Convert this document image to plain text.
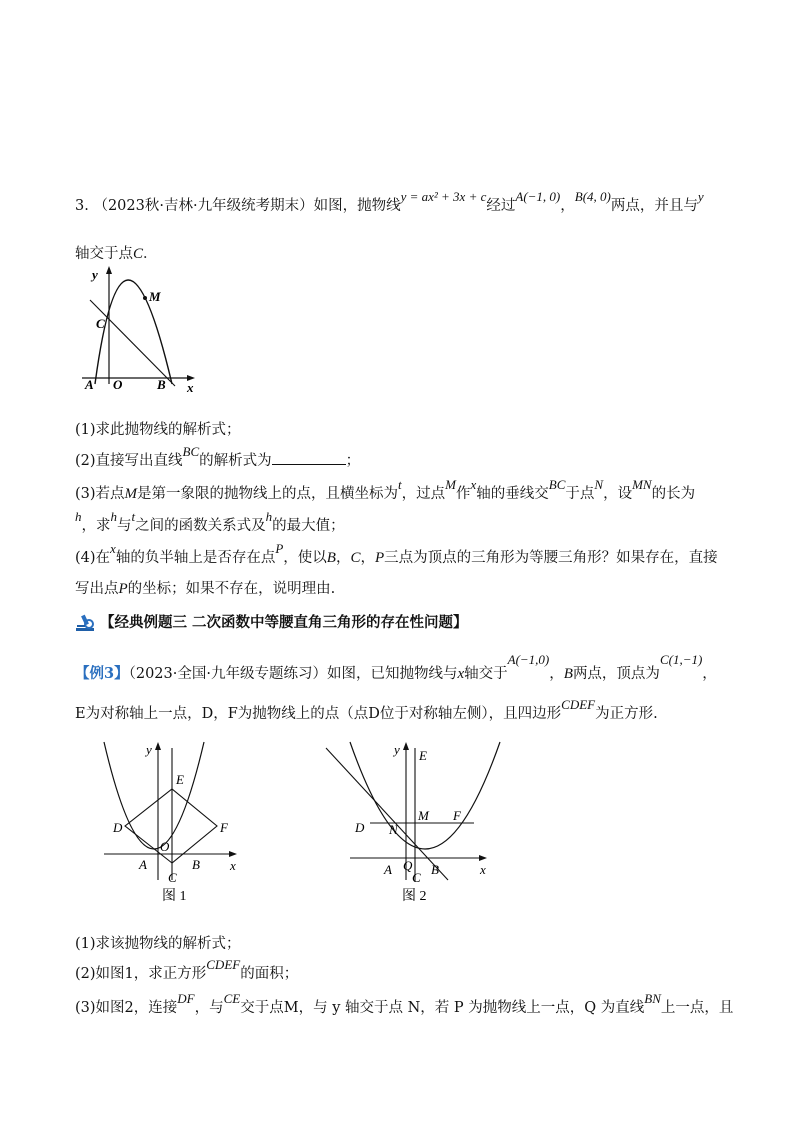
3. （2023秋·吉林·九年级统考期末）如图，抛物线y = ax² + 3x + c经过A(−1, 0)，B(4, 0)两点，并且与y
轴交于点C．
y
M
C
A O	B x
(1)求此抛物线的解析式；
(2)直接写出直线BC的解析式为	；
(3)若点M是第一象限的抛物线上的点，且横坐标为t，过点M作x轴的垂线交BC于点N，设MN的长为
h，求h与t之间的函数关系式及h的最大值；
(4)在x轴的负半轴上是否存在点P，使以B，C，P三点为顶点的三角形为等腰三角形？如果存在，直接
写出点P的坐标；如果不存在，说明理由.
【经典例题三 二次函数中等腰直角三角形的存在性问题】
【例3】（2023·全国·九年级专题练习）如图，已知抛物线与x轴交于A(−1,0)，B两点，顶点为C(1,−1)，
E为对称轴上一点，D，F为抛物线上的点（点D位于对称轴左侧），且四边形CDEF为正方形.
y
E
D	F
O
A	B
C
x
图 1
y E
M F
D N
A Q B
C
x
图 2
(1)求该抛物线的解析式；
(2)如图1，求正方形CDEF的面积；
(3)如图2，连接DF，与CE交于点M，与 y 轴交于点 N，若 P 为抛物线上一点，Q 为直线BN上一点，且
